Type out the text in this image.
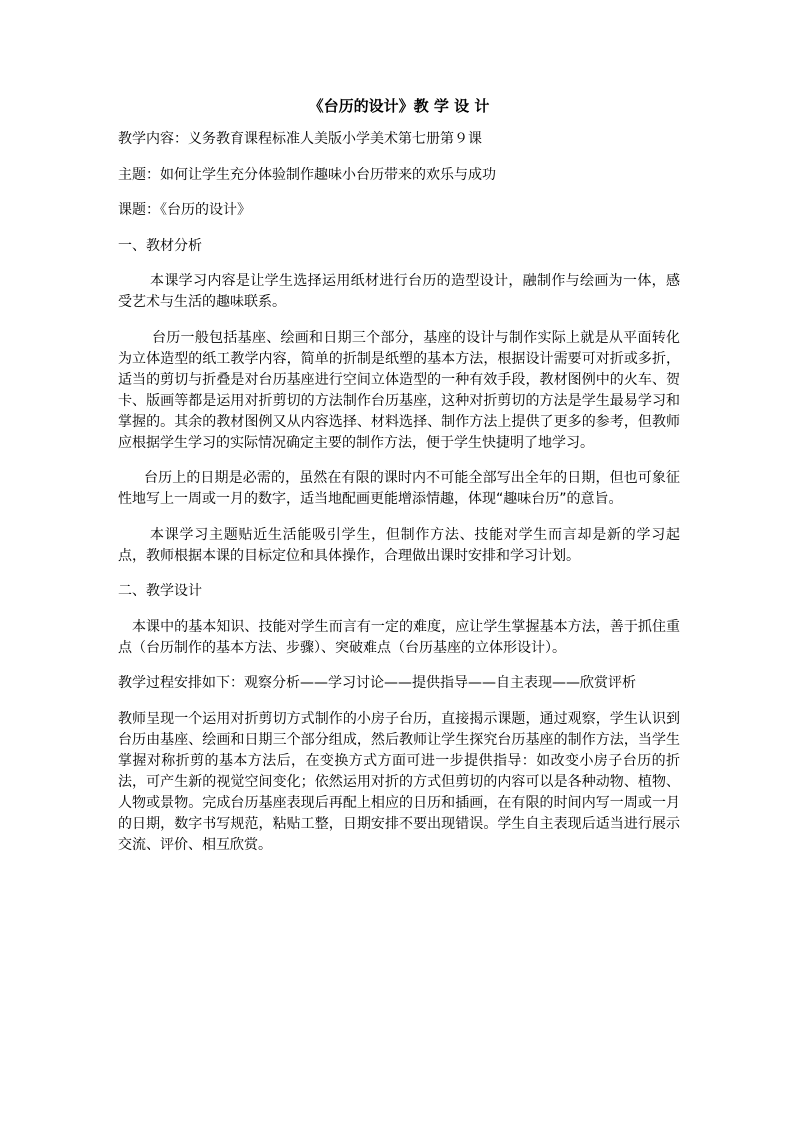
《台历的设计》教 学 设 计
教学内容：义务教育课程标准人美版小学美术第七册第９课
主题：如何让学生充分体验制作趣味小台历带来的欢乐与成功
课题：《台历的设计》
一、教材分析
本课学习内容是让学生选择运用纸材进行台历的造型设计，融制作与绘画为一体，感受艺术与生活的趣味联系。
台历一般包括基座、绘画和日期三个部分，基座的设计与制作实际上就是从平面转化为立体造型的纸工教学内容，简单的折制是纸塑的基本方法，根据设计需要可对折或多折，适当的剪切与折叠是对台历基座进行空间立体造型的一种有效手段，教材图例中的火车、贺卡、版画等都是运用对折剪切的方法制作台历基座，这种对折剪切的方法是学生最易学习和掌握的。其余的教材图例又从内容选择、材料选择、制作方法上提供了更多的参考，但教师应根据学生学习的实际情况确定主要的制作方法，便于学生快捷明了地学习。
台历上的日期是必需的，虽然在有限的课时内不可能全部写出全年的日期，但也可象征性地写上一周或一月的数字，适当地配画更能增添情趣，体现“趣味台历”的意旨。
本课学习主题贴近生活能吸引学生，但制作方法、技能对学生而言却是新的学习起点，教师根据本课的目标定位和具体操作，合理做出课时安排和学习计划。
二、教学设计
本课中的基本知识、技能对学生而言有一定的难度，应让学生掌握基本方法，善于抓住重点（台历制作的基本方法、步骤）、突破难点（台历基座的立体形设计）。
教学过程安排如下：观察分析——学习讨论——提供指导——自主表现——欣赏评析
教师呈现一个运用对折剪切方式制作的小房子台历，直接揭示课题，通过观察，学生认识到台历由基座、绘画和日期三个部分组成，然后教师让学生探究台历基座的制作方法，当学生掌握对称折剪的基本方法后，在变换方式方面可进一步提供指导：如改变小房子台历的折法，可产生新的视觉空间变化；依然运用对折的方式但剪切的内容可以是各种动物、植物、人物或景物。完成台历基座表现后再配上相应的日历和插画，在有限的时间内写一周或一月的日期，数字书写规范，粘贴工整，日期安排不要出现错误。学生自主表现后适当进行展示交流、评价、相互欣赏。
